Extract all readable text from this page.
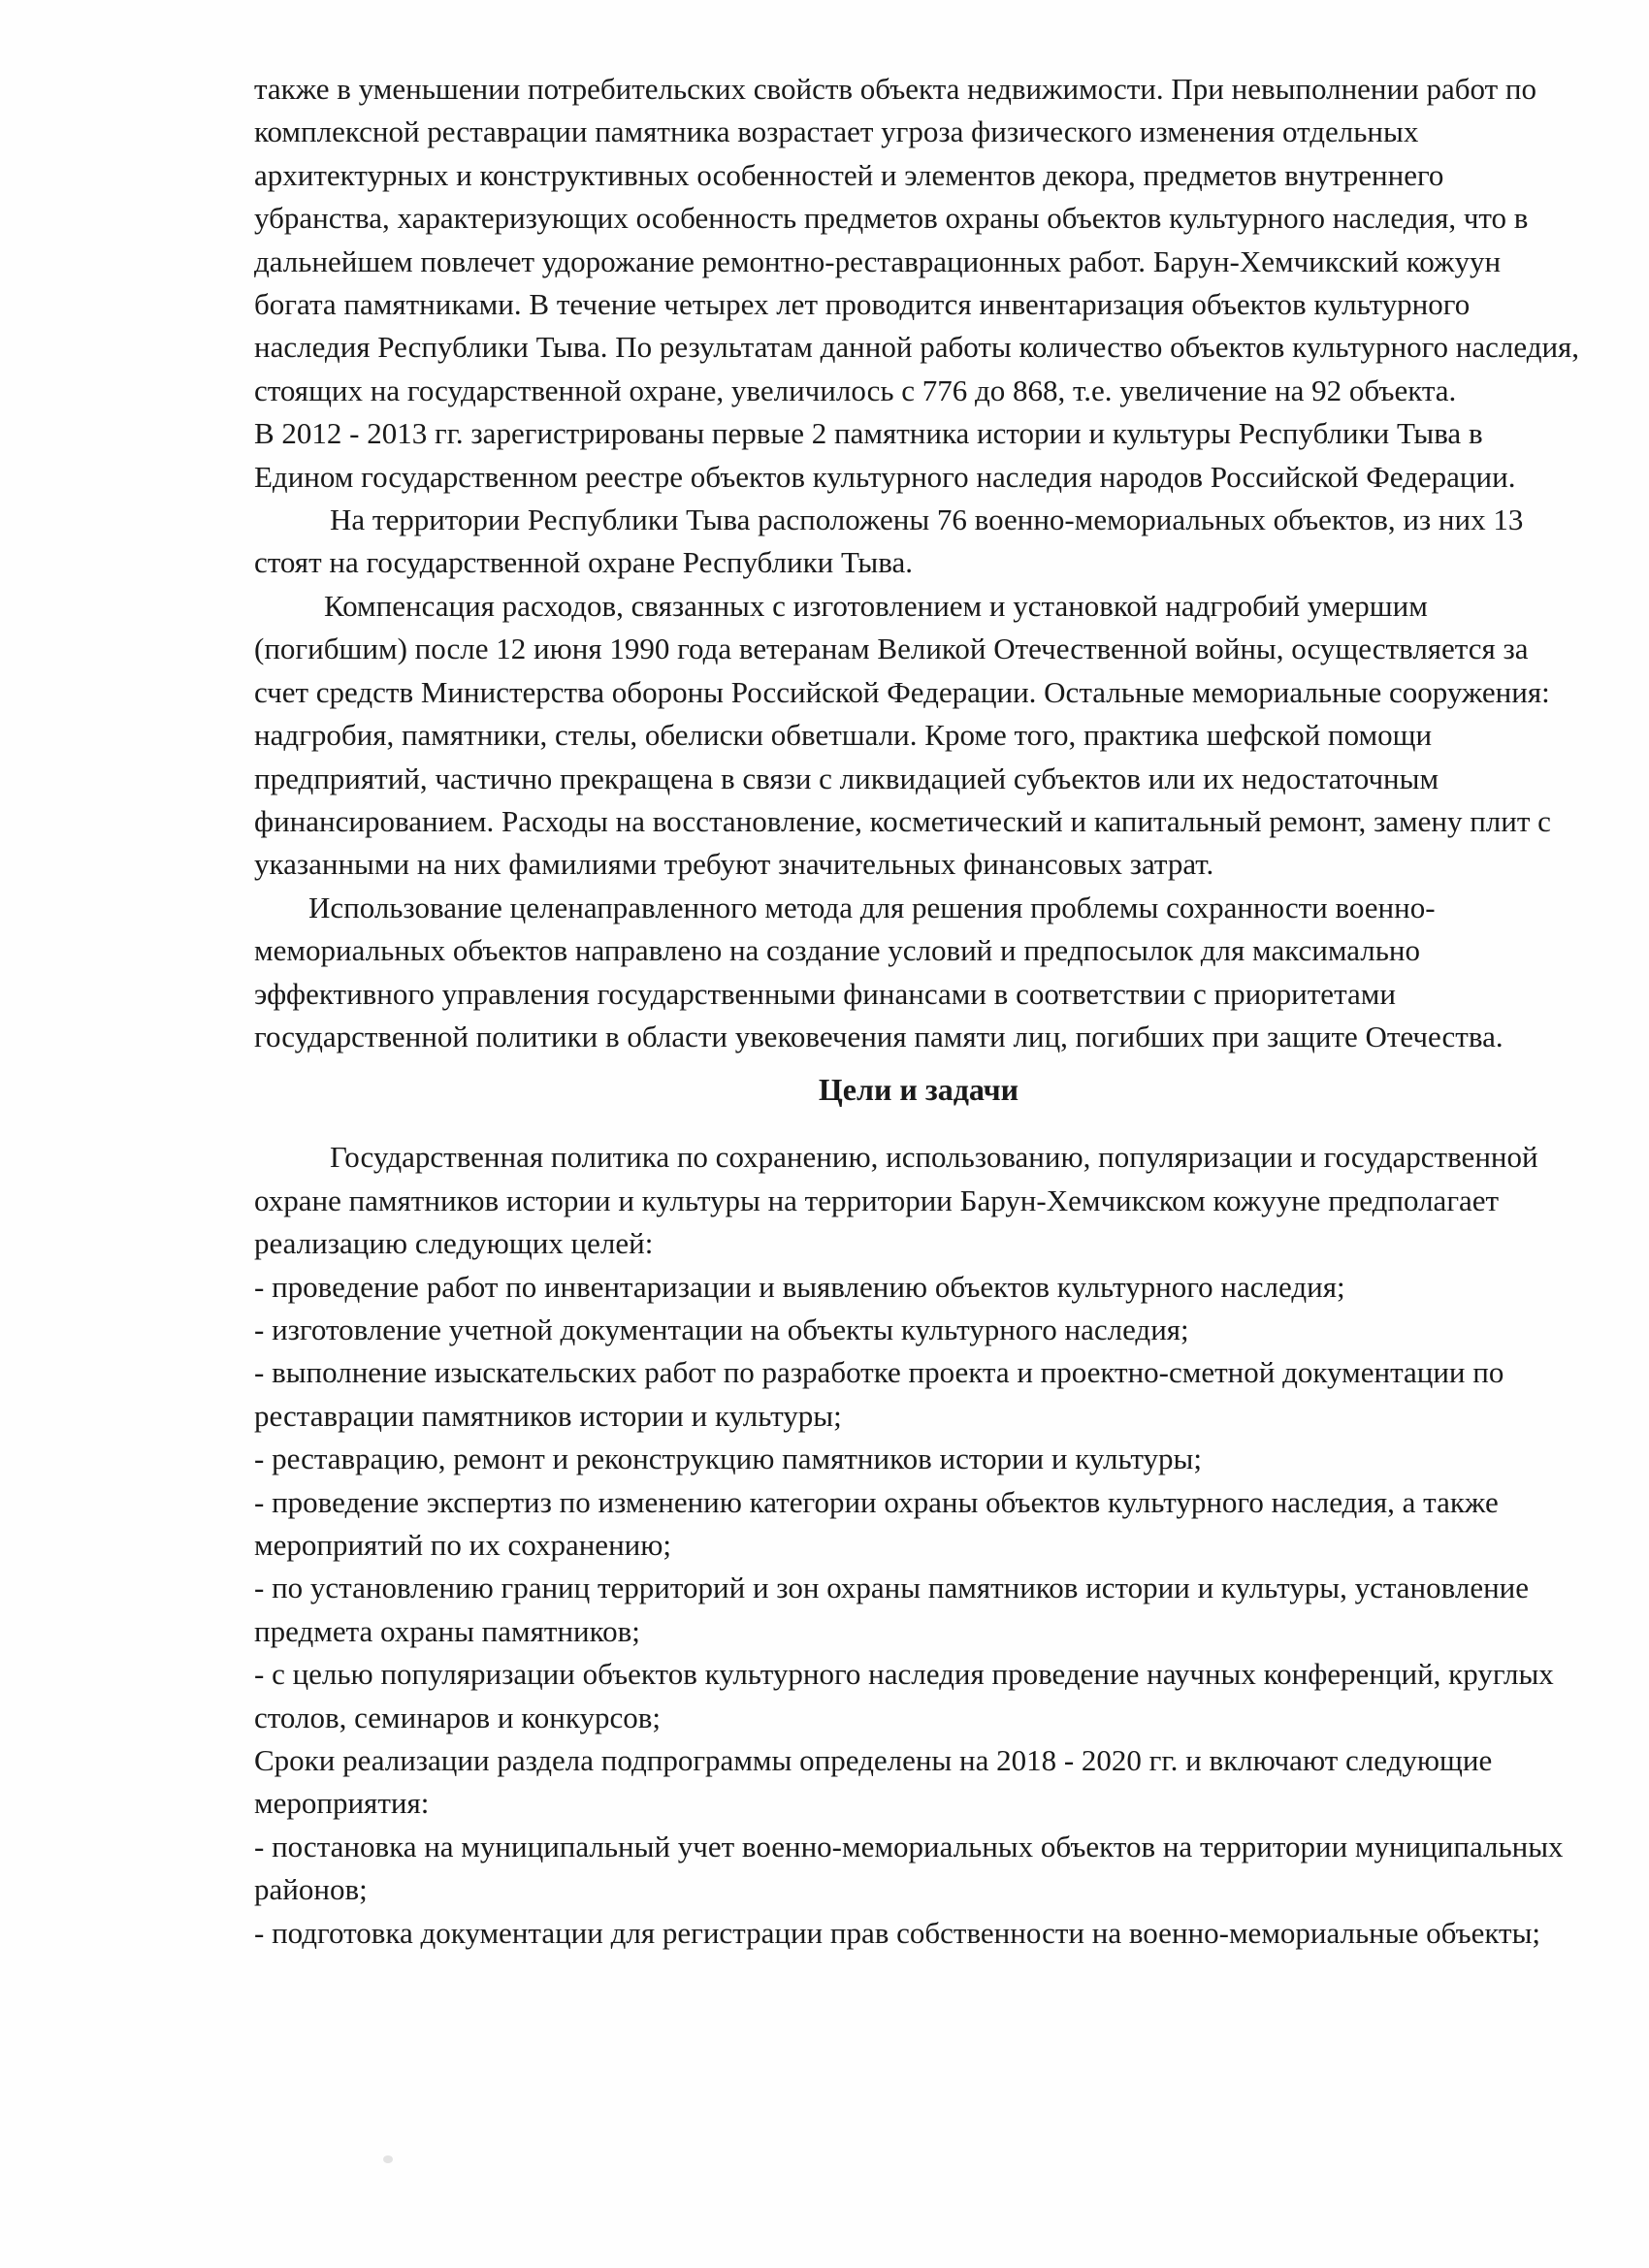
также в уменьшении потребительских свойств объекта недвижимости. При невыполнении работ по комплексной реставрации памятника возрастает угроза физического изменения отдельных архитектурных и конструктивных особенностей и элементов декора, предметов внутреннего убранства, характеризующих особенность предметов охраны объектов культурного наследия, что в дальнейшем повлечет удорожание ремонтно-реставрационных работ. Барун-Хемчикский кожуун богата памятниками. В течение четырех лет проводится инвентаризация объектов культурного наследия Республики Тыва. По результатам данной работы количество объектов культурного наследия, стоящих на государственной охране, увеличилось с 776 до 868, т.е. увеличение на 92 объекта.

В 2012 - 2013 гг. зарегистрированы первые 2 памятника истории и культуры Республики Тыва в Едином государственном реестре объектов культурного наследия народов Российской Федерации.

На территории Республики Тыва расположены 76 военно-мемориальных объектов, из них 13 стоят на государственной охране Республики Тыва.

Компенсация расходов, связанных с изготовлением и установкой надгробий умершим (погибшим) после 12 июня 1990 года ветеранам Великой Отечественной войны, осуществляется за счет средств Министерства обороны Российской Федерации. Остальные мемориальные сооружения: надгробия, памятники, стелы, обелиски обветшали. Кроме того, практика шефской помощи предприятий, частично прекращена в связи с ликвидацией субъектов или их недостаточным финансированием. Расходы на восстановление, косметический и капитальный ремонт, замену плит с указанными на них фамилиями требуют значительных финансовых затрат.

Использование целенаправленного метода для решения проблемы сохранности военно-мемориальных объектов направлено на создание условий и предпосылок для максимально эффективного управления государственными финансами в соответствии с приоритетами государственной политики в области увековечения памяти лиц, погибших при защите Отечества.

Цели и задачи

Государственная политика по сохранению, использованию, популяризации и государственной охране памятников истории и культуры на территории Барун-Хемчикском кожууне предполагает реализацию следующих целей:

- проведение работ по инвентаризации и выявлению объектов культурного наследия;

- изготовление учетной документации на объекты культурного наследия;

- выполнение изыскательских работ по разработке проекта и проектно-сметной документации по реставрации памятников истории и культуры;

- реставрацию, ремонт и реконструкцию памятников истории и культуры;

- проведение экспертиз по изменению категории охраны объектов культурного наследия, а также мероприятий по их сохранению;

- по установлению границ территорий и зон охраны памятников истории и культуры, установление предмета охраны памятников;

- с целью популяризации объектов культурного наследия проведение научных конференций, круглых столов, семинаров и конкурсов;

Сроки реализации раздела подпрограммы определены на 2018 - 2020 гг. и включают следующие мероприятия:

- постановка на муниципальный учет военно-мемориальных объектов на территории муниципальных районов;

- подготовка документации для регистрации прав собственности на военно-мемориальные объекты;
